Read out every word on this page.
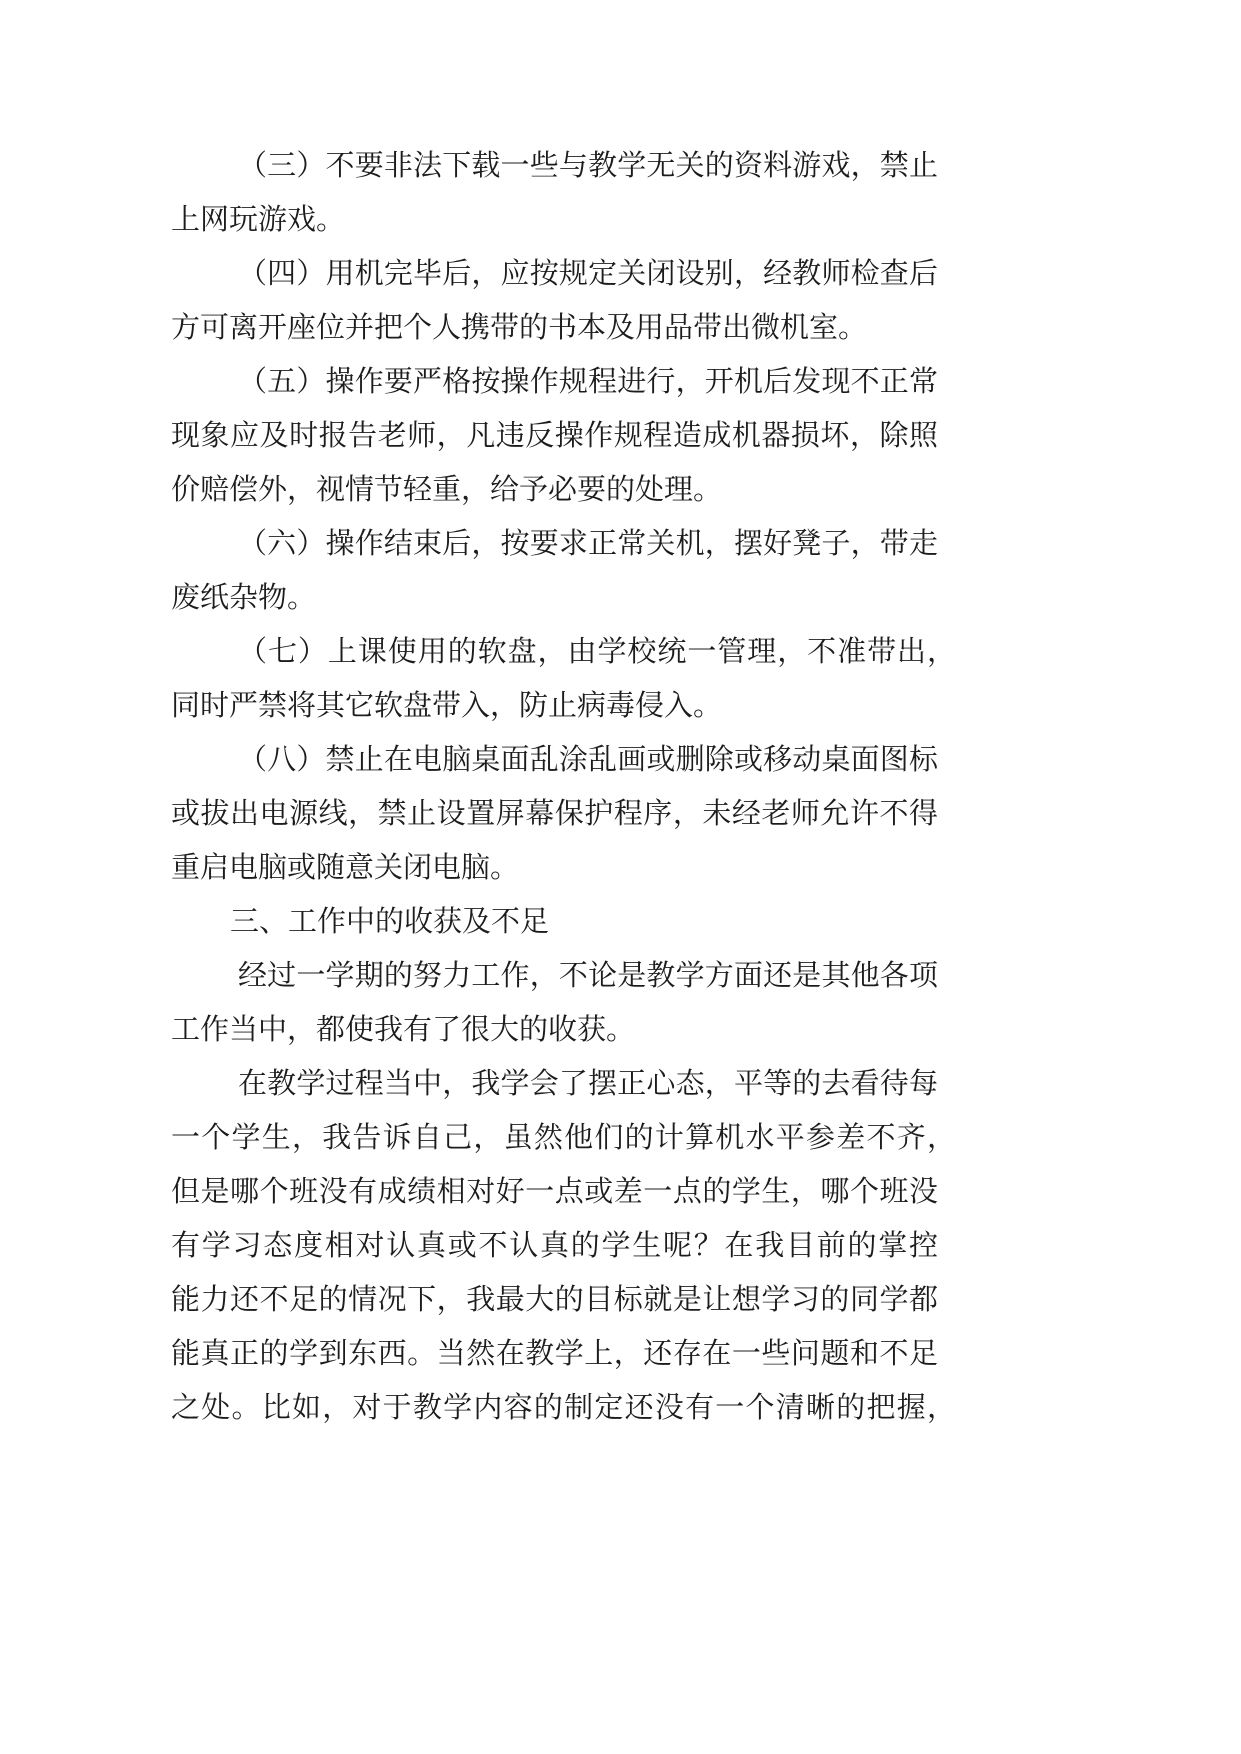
（三）不要非法下载一些与教学无关的资料游戏，禁止
上网玩游戏。
（四）用机完毕后，应按规定关闭设别，经教师检查后
方可离开座位并把个人携带的书本及用品带出微机室。
（五）操作要严格按操作规程进行，开机后发现不正常
现象应及时报告老师，凡违反操作规程造成机器损坏，除照
价赔偿外，视情节轻重，给予必要的处理。
（六）操作结束后，按要求正常关机，摆好凳子，带走
废纸杂物。
（七）上课使用的软盘，由学校统一管理，不准带出，
同时严禁将其它软盘带入，防止病毒侵入。
（八）禁止在电脑桌面乱涂乱画或删除或移动桌面图标
或拔出电源线，禁止设置屏幕保护程序，未经老师允许不得
重启电脑或随意关闭电脑。
三、工作中的收获及不足
经过一学期的努力工作，不论是教学方面还是其他各项
工作当中，都使我有了很大的收获。
在教学过程当中，我学会了摆正心态，平等的去看待每
一个学生，我告诉自己，虽然他们的计算机水平参差不齐，
但是哪个班没有成绩相对好一点或差一点的学生，哪个班没
有学习态度相对认真或不认真的学生呢？在我目前的掌控
能力还不足的情况下，我最大的目标就是让想学习的同学都
能真正的学到东西。当然在教学上，还存在一些问题和不足
之处。比如，对于教学内容的制定还没有一个清晰的把握，
